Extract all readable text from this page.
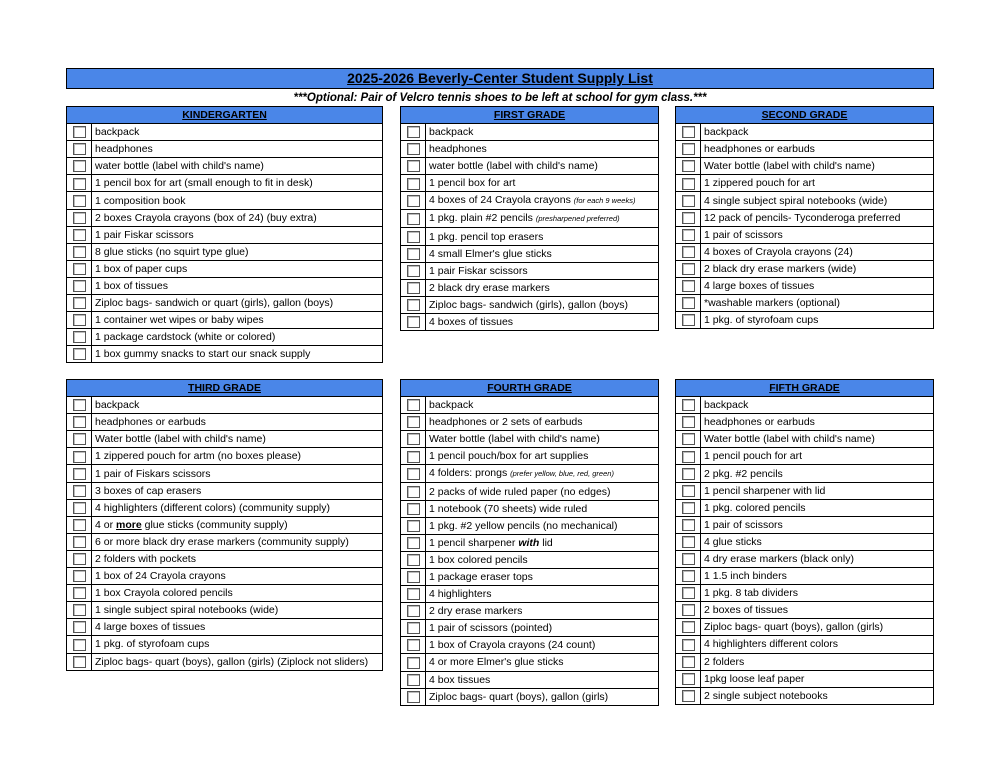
2025-2026 Beverly-Center Student Supply List
***Optional: Pair of Velcro tennis shoes to be left at school for gym class.***
KINDERGARTEN	
	backpack
	headphones
	water bottle (label with child's name)
	1 pencil box for art (small enough to fit in desk)
	1 composition book
	2 boxes Crayola crayons (box of 24) (buy extra)
	1 pair Fiskar scissors
	8 glue sticks (no squirt type glue)
	1 box of paper cups
	1 box of tissues
	Ziploc bags- sandwich or quart (girls), gallon (boys)
	1 container wet wipes or baby wipes
	1 package cardstock (white or colored)
	1 box gummy snacks to start our snack supply
FIRST GRADE	
	backpack
	headphones
	water bottle (label with child's name)
	1 pencil box for art
	4 boxes of 24 Crayola crayons (for each 9 weeks)
	1 pkg. plain #2 pencils (presharpened preferred)
	1 pkg. pencil top erasers
	4 small Elmer's glue sticks
	1 pair Fiskar scissors
	2 black dry erase markers
	Ziploc bags- sandwich (girls), gallon (boys)
	4 boxes of tissues
SECOND GRADE	
	backpack
	headphones or earbuds
	Water bottle (label with child's name)
	1 zippered pouch for art
	4 single subject spiral notebooks (wide)
	12 pack of pencils- Tyconderoga preferred
	1 pair of scissors
	4 boxes of Crayola crayons (24)
	2 black dry erase markers (wide)
	4 large boxes of tissues
	*washable markers (optional)
	1 pkg. of styrofoam cups
THIRD GRADE	
	backpack
	headphones or earbuds
	Water bottle (label with child's name)
	1 zippered pouch for artm (no boxes please)
	1 pair of Fiskars scissors
	3 boxes of cap erasers
	4 highlighters (different colors) (community supply)
	4 or more glue sticks (community supply)
	6 or more black dry erase markers (community supply)
	2 folders with pockets
	1 box of 24 Crayola crayons
	1 box Crayola colored pencils
	1 single subject spiral notebooks (wide)
	4 large boxes of tissues
	1 pkg. of styrofoam cups
	Ziploc bags- quart (boys), gallon (girls) (Ziplock not sliders)
FOURTH GRADE	
	backpack
	headphones or 2 sets of earbuds
	Water bottle (label with child's name)
	1 pencil pouch/box for art supplies
	4 folders: prongs (prefer yellow, blue, red, green)
	2 packs of wide ruled paper (no edges)
	1 notebook (70 sheets) wide ruled
	1 pkg. #2 yellow pencils (no mechanical)
	1 pencil sharpener with lid
	1 box colored pencils
	1 package eraser tops
	4 highlighters
	2 dry erase markers
	1 pair of scissors (pointed)
	1 box of Crayola crayons (24 count)
	4 or more Elmer's glue sticks
	4 box tissues
	Ziploc bags- quart (boys), gallon (girls)
FIFTH GRADE	
	backpack
	headphones or earbuds
	Water bottle (label with child's name)
	1 pencil pouch for art
	2 pkg. #2 pencils
	1 pencil sharpener with lid
	1 pkg. colored pencils
	1 pair of scissors
	4 glue sticks
	4 dry erase markers (black only)
	1 1.5 inch binders
	1 pkg. 8 tab dividers
	2 boxes of tissues
	Ziploc bags- quart (boys), gallon (girls)
	4 highlighters different colors
	2 folders
	1pkg loose leaf paper
	2 single subject notebooks
